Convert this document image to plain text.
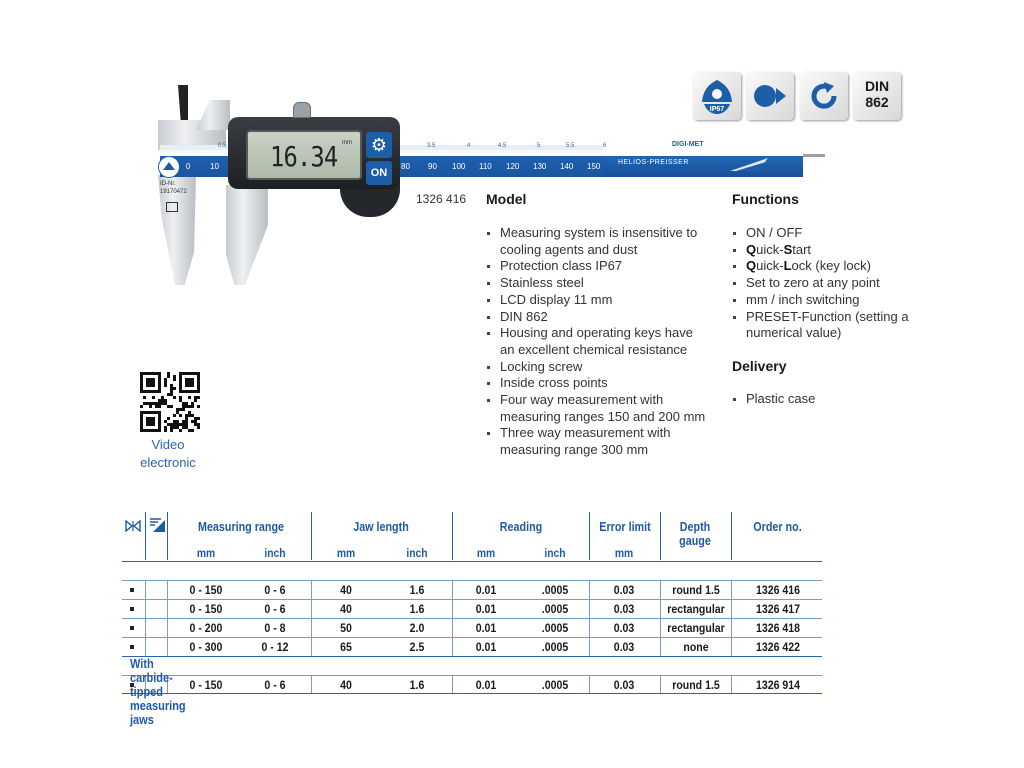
ID-Nr.
19170472
0 10	80 90 100 110 120 130 140 150
0.5	3.5	4	4.5	5	5.5	6	DIGI-MET
HELIOS-PREISSER
16.34 mm ⚙
ON
1326 416
IP67
DIN
862
Video
electronic
Model
Measuring system is insensitive to cooling agents and dust
Protection class IP67
Stainless steel
LCD display 11 mm
DIN 862
Housing and operating keys have an excellent chemical resistance
Locking screw
Inside cross points
Four way measurement with measuring ranges 150 and 200 mm
Three way measurement with measuring range 300 mm
Functions
ON / OFF
Quick-Start
Quick-Lock (key lock)
Set to zero at any point
mm / inch switching
PRESET-Function (setting a numerical value)
Delivery
Plastic case
Measuring range	Jaw length	Reading	Error limit	Depth gauge
Order no.
mm	inch	mm	inch	mm	inch	mm
0 - 150	0 - 6	40	1.6	0.01	.0005	0.03	round 1.5	1326 416
0 - 150	0 - 6	40	1.6	0.01	.0005	0.03	rectangular	1326 417
0 - 200	0 - 8	50	2.0	0.01	.0005	0.03	rectangular	1326 418
0 - 300	0 - 12	65	2.5	0.01	.0005	0.03	none	1326 422
0 - 150	0 - 6	40	1.6	0.01	.0005	0.03	round 1.5	1326 914
With carbide-tipped measuring jaws
